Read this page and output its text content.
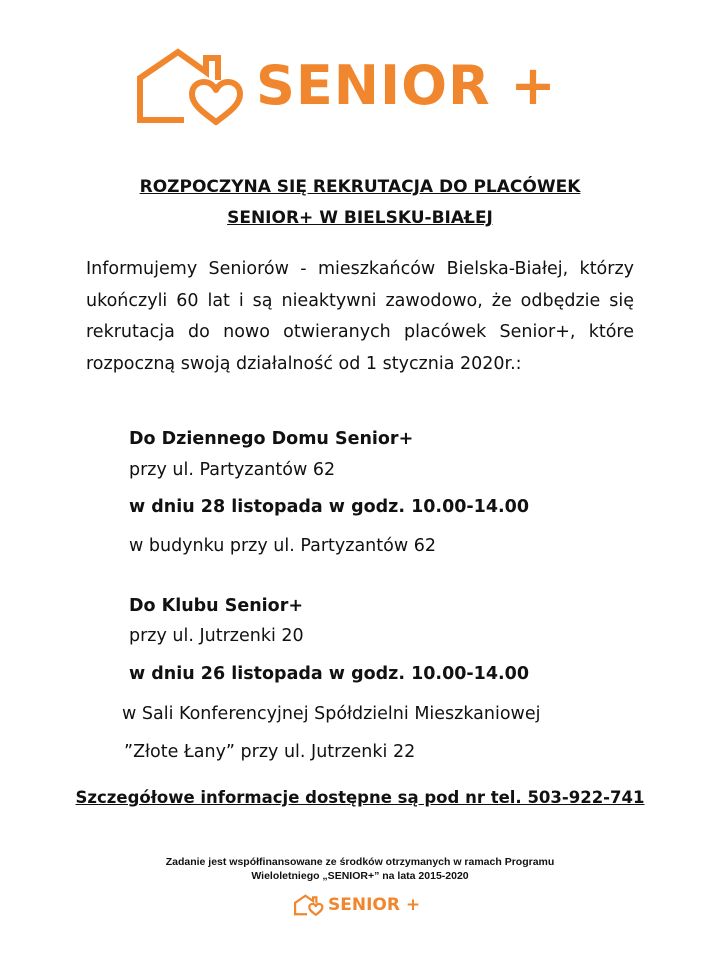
SENIOR +
ROZPOCZYNA SIĘ REKRUTACJA DO PLACÓWEK
SENIOR+ W BIELSKU-BIAŁEJ

Informujemy Seniorów - mieszkańców Bielska-Białej, którzy ukończyli 60 lat i są nieaktywni zawodowo, że odbędzie się rekrutacja do nowo otwieranych placówek Senior+, które rozpoczną swoją działalność od 1 stycznia 2020r.:

Do Dziennego Domu Senior+

przy ul. Partyzantów 62

w dniu 28 listopada w godz. 10.00-14.00

w budynku przy ul. Partyzantów 62

Do Klubu Senior+

przy ul. Jutrzenki 20

w dniu 26 listopada w godz. 10.00-14.00

w Sali Konferencyjnej Spółdzielni Mieszkaniowej

”Złote Łany” przy ul. Jutrzenki 22

Szczegółowe informacje dostępne są pod nr tel. 503-922-741
Zadanie jest współfinansowane ze środków otrzymanych w ramach Programu
Wieloletniego „SENIOR+” na lata 2015-2020
SENIOR +
